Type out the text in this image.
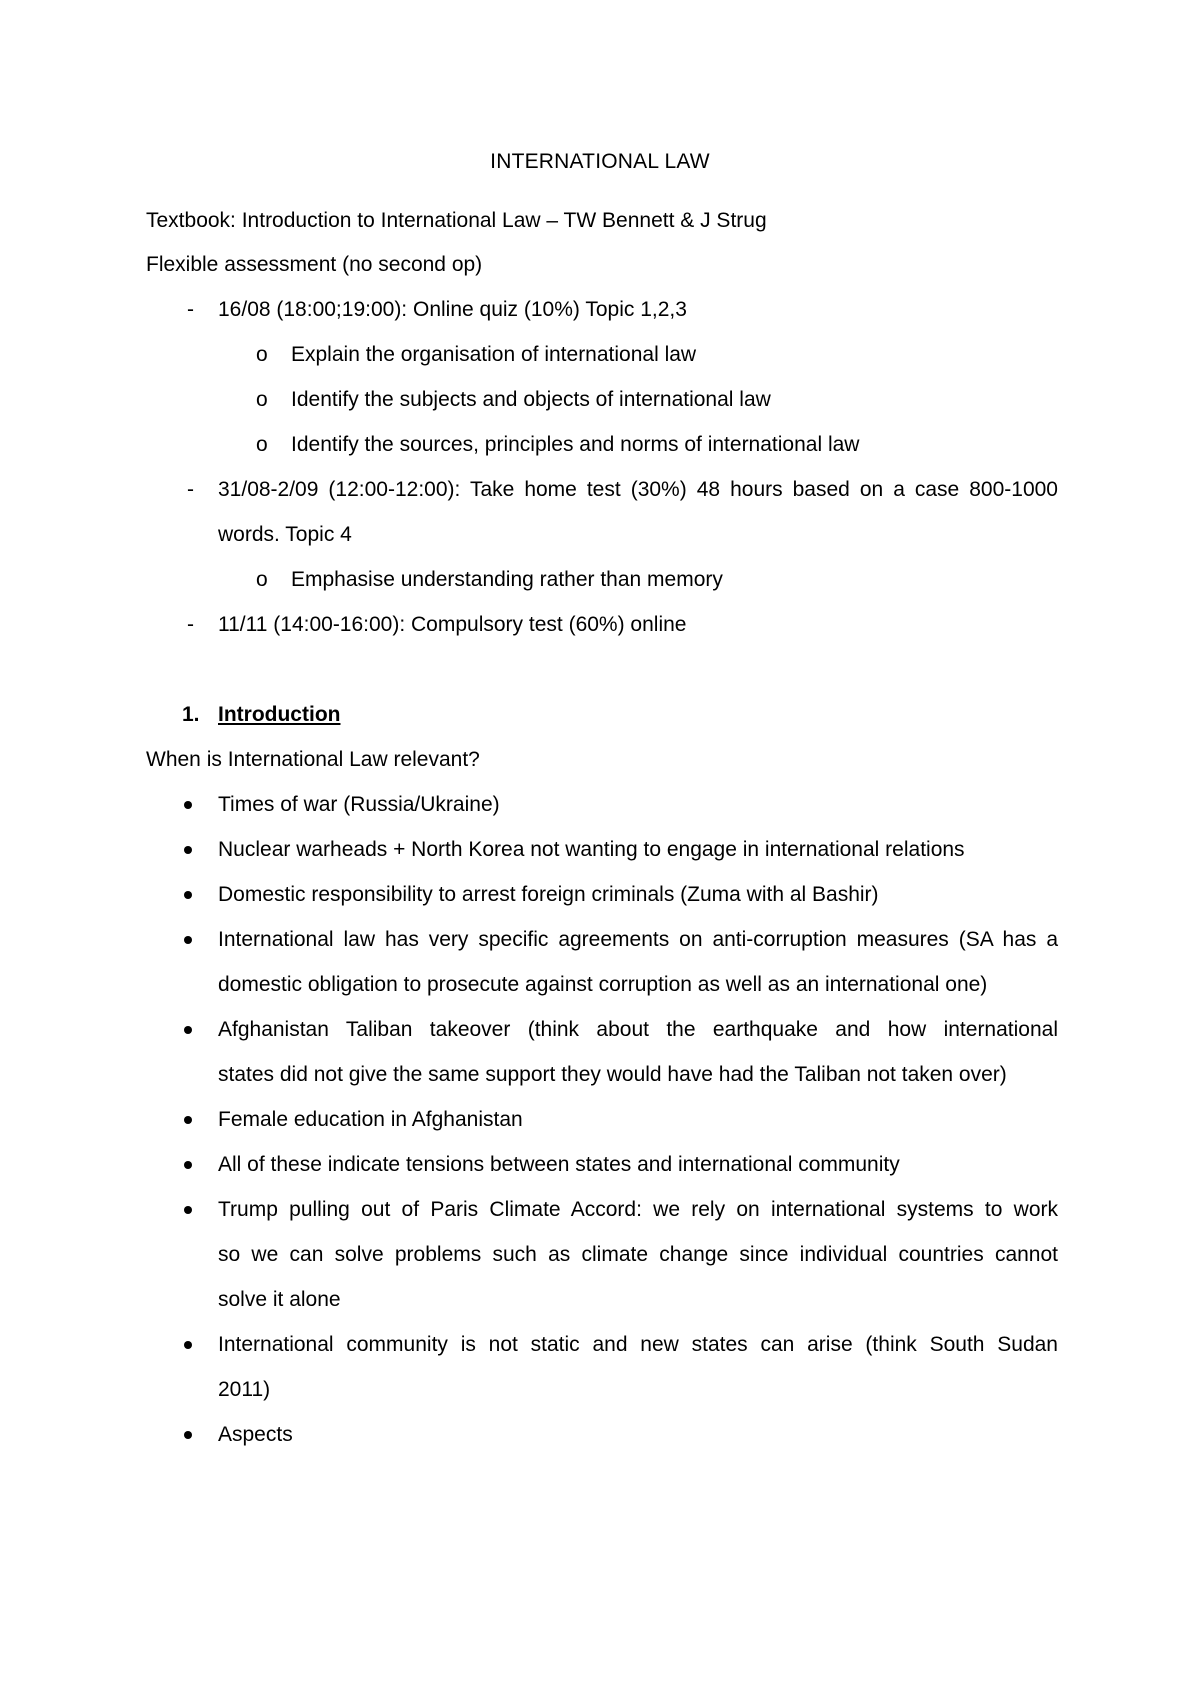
INTERNATIONAL LAW
Textbook: Introduction to International Law – TW Bennett & J Strug
Flexible assessment (no second op)
- 16/08 (18:00;19:00): Online quiz (10%) Topic 1,2,3
o Explain the organisation of international law
o Identify the subjects and objects of international law
o Identify the sources, principles and norms of international law
- 31/08-2/09 (12:00-12:00): Take home test (30%) 48 hours based on a case 800-1000
words. Topic 4
o Emphasise understanding rather than memory
- 11/11 (14:00-16:00): Compulsory test (60%) online
1. Introduction
When is International Law relevant?
Times of war (Russia/Ukraine)
Nuclear warheads + North Korea not wanting to engage in international relations
Domestic responsibility to arrest foreign criminals (Zuma with al Bashir)
International law has very specific agreements on anti-corruption measures (SA has a
domestic obligation to prosecute against corruption as well as an international one)
Afghanistan Taliban takeover (think about the earthquake and how international
states did not give the same support they would have had the Taliban not taken over)
Female education in Afghanistan
All of these indicate tensions between states and international community
Trump pulling out of Paris Climate Accord: we rely on international systems to work
so we can solve problems such as climate change since individual countries cannot
solve it alone
International community is not static and new states can arise (think South Sudan
2011)
Aspects
